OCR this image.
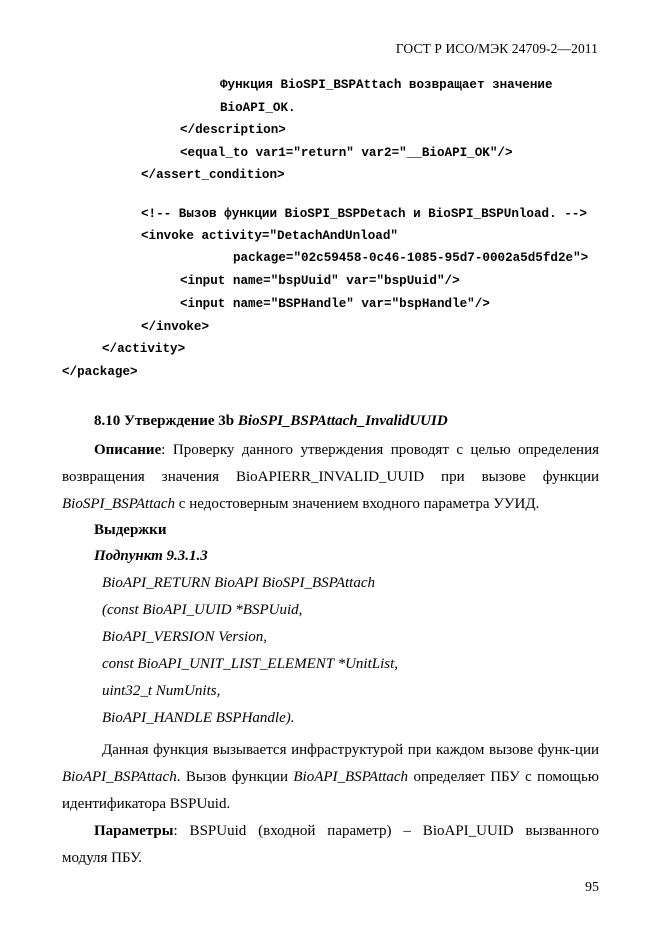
ГОСТ Р ИСО/МЭК 24709-2—2011

Функция BioSPI_BSPAttach возвращает значение

BioAPI_OK.

</description>

<equal_to var1="return" var2="__BioAPI_OK"/>

</assert_condition>

<!-- Вызов функции BioSPI_BSPDetach и BioSPI_BSPUnload. -->

<invoke activity="DetachAndUnload"

package="02c59458-0c46-1085-95d7-0002a5d5fd2e">

<input name="bspUuid" var="bspUuid"/>

<input name="BSPHandle" var="bspHandle"/>

</invoke>

</activity>

</package>

8.10 Утверждение 3b BioSPI_BSPAttach_InvalidUUID
Описание: Проверку данного утверждения проводят с целью определения возвращения значения BioAPIERR_INVALID_UUID при вызове функции BioSPI_BSPAttach с недостоверным значением входного параметра УУИД.
Выдержки
Подпункт 9.3.1.3
BioAPI_RETURN BioAPI BioSPI_BSPAttach
(const BioAPI_UUID *BSPUuid,
BioAPI_VERSION Version,
const BioAPI_UNIT_LIST_ELEMENT *UnitList,
uint32_t NumUnits,
BioAPI_HANDLE BSPHandle).
Данная функция вызывается инфраструктурой при каждом вызове функ-ции BioAPI_BSPAttach. Вызов функции BioAPI_BSPAttach определяет ПБУ с помощью идентификатора BSPUuid.
Параметры: BSPUuid (входной параметр) – BioAPI_UUID вызванного модуля ПБУ.
95
